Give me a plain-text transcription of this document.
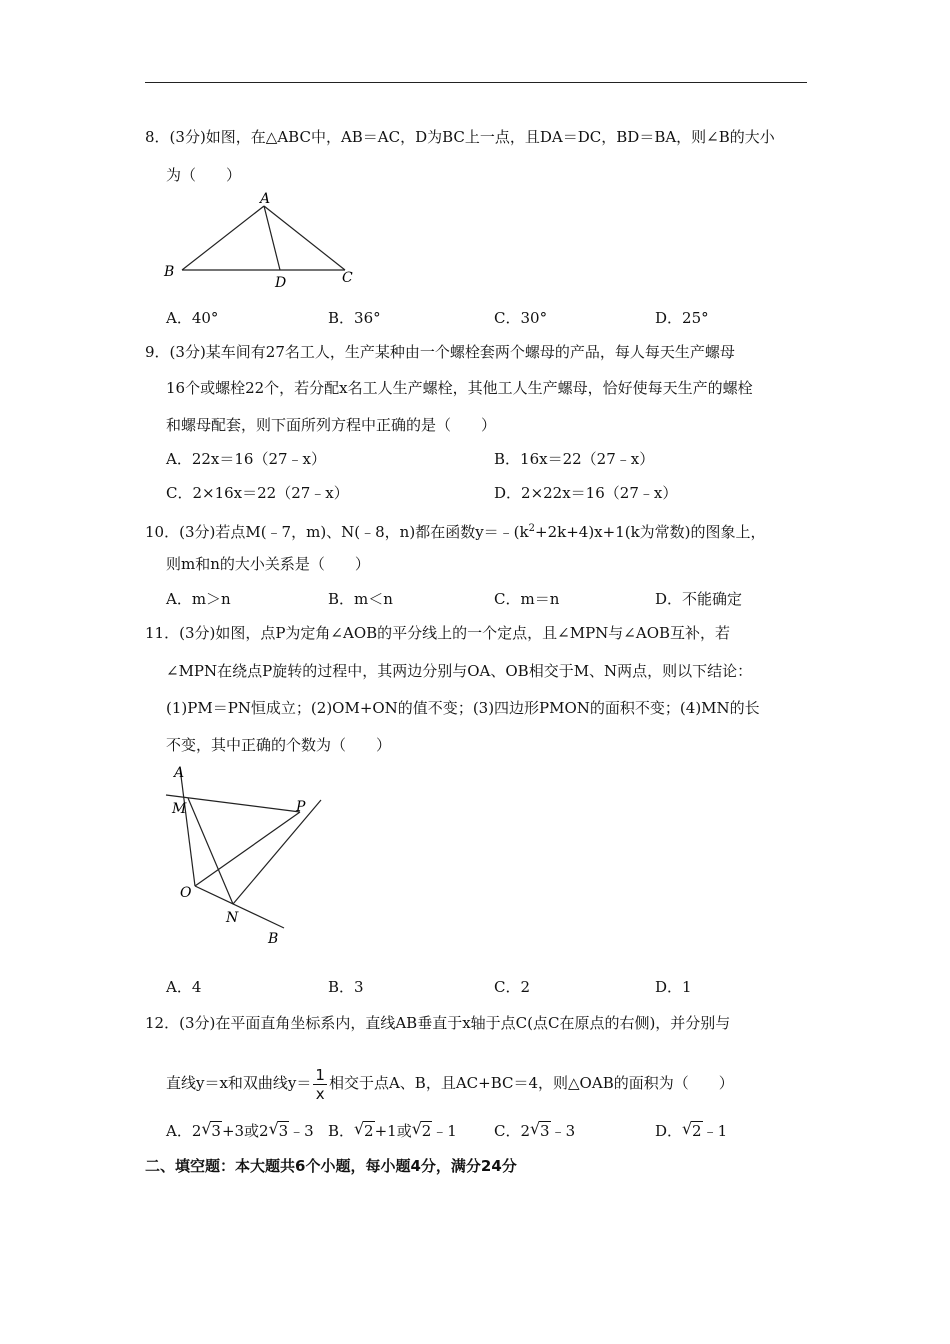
8．(3分)如图，在△ABC中，AB＝AC，D为BC上一点，且DA＝DC，BD＝BA，则∠B的大小
为（　　）
A
B	C
D
A．40°	B．36°	C．30°	D．25°
9．(3分)某车间有27名工人，生产某种由一个螺栓套两个螺母的产品，每人每天生产螺母
16个或螺栓22个，若分配x名工人生产螺栓，其他工人生产螺母，恰好使每天生产的螺栓
和螺母配套，则下面所列方程中正确的是（　　）
A．22x＝16（27﹣x）	B．16x＝22（27﹣x）
C．2×16x＝22（27﹣x）	D．2×22x＝16（27﹣x）
10．(3分)若点M(﹣7，m)、N(﹣8，n)都在函数$y=﹣(k^2+2k+4)x+1(k$为常数)的图象上，
则m和n的大小关系是（　　）
A．m＞n	B．m＜n	C．m＝n	D．不能确定
11．(3分)如图，点P为定角∠AOB的平分线上的一个定点，且∠MPN与∠AOB互补，若
∠MPN在绕点P旋转的过程中，其两边分别与OA、OB相交于M、N两点，则以下结论：
(1)PM＝PN恒成立；(2)OM+ON的值不变；(3)四边形PMON的面积不变；(4)MN的长
不变，其中正确的个数为（　　）
A
M	P
O
N
B
A．4	B．3	C．2	D．1
12．(3分)在平面直角坐标系内，直线AB垂直于x轴于点C(点C在原点的右侧)，并分别与
直线y＝x和双曲线$y= \frac{1}{x}$ 相交于点A、B，且AC+BC＝4，则△OAB的面积为（　　）
A．2 √ 3+3或2 √ 3﹣3 B． √ 2+1或 √ 2﹣1 C．2 √ 3﹣3	D． √ 2﹣1
二、填空题：本大题共6个小题，每小题4分，满分24分
